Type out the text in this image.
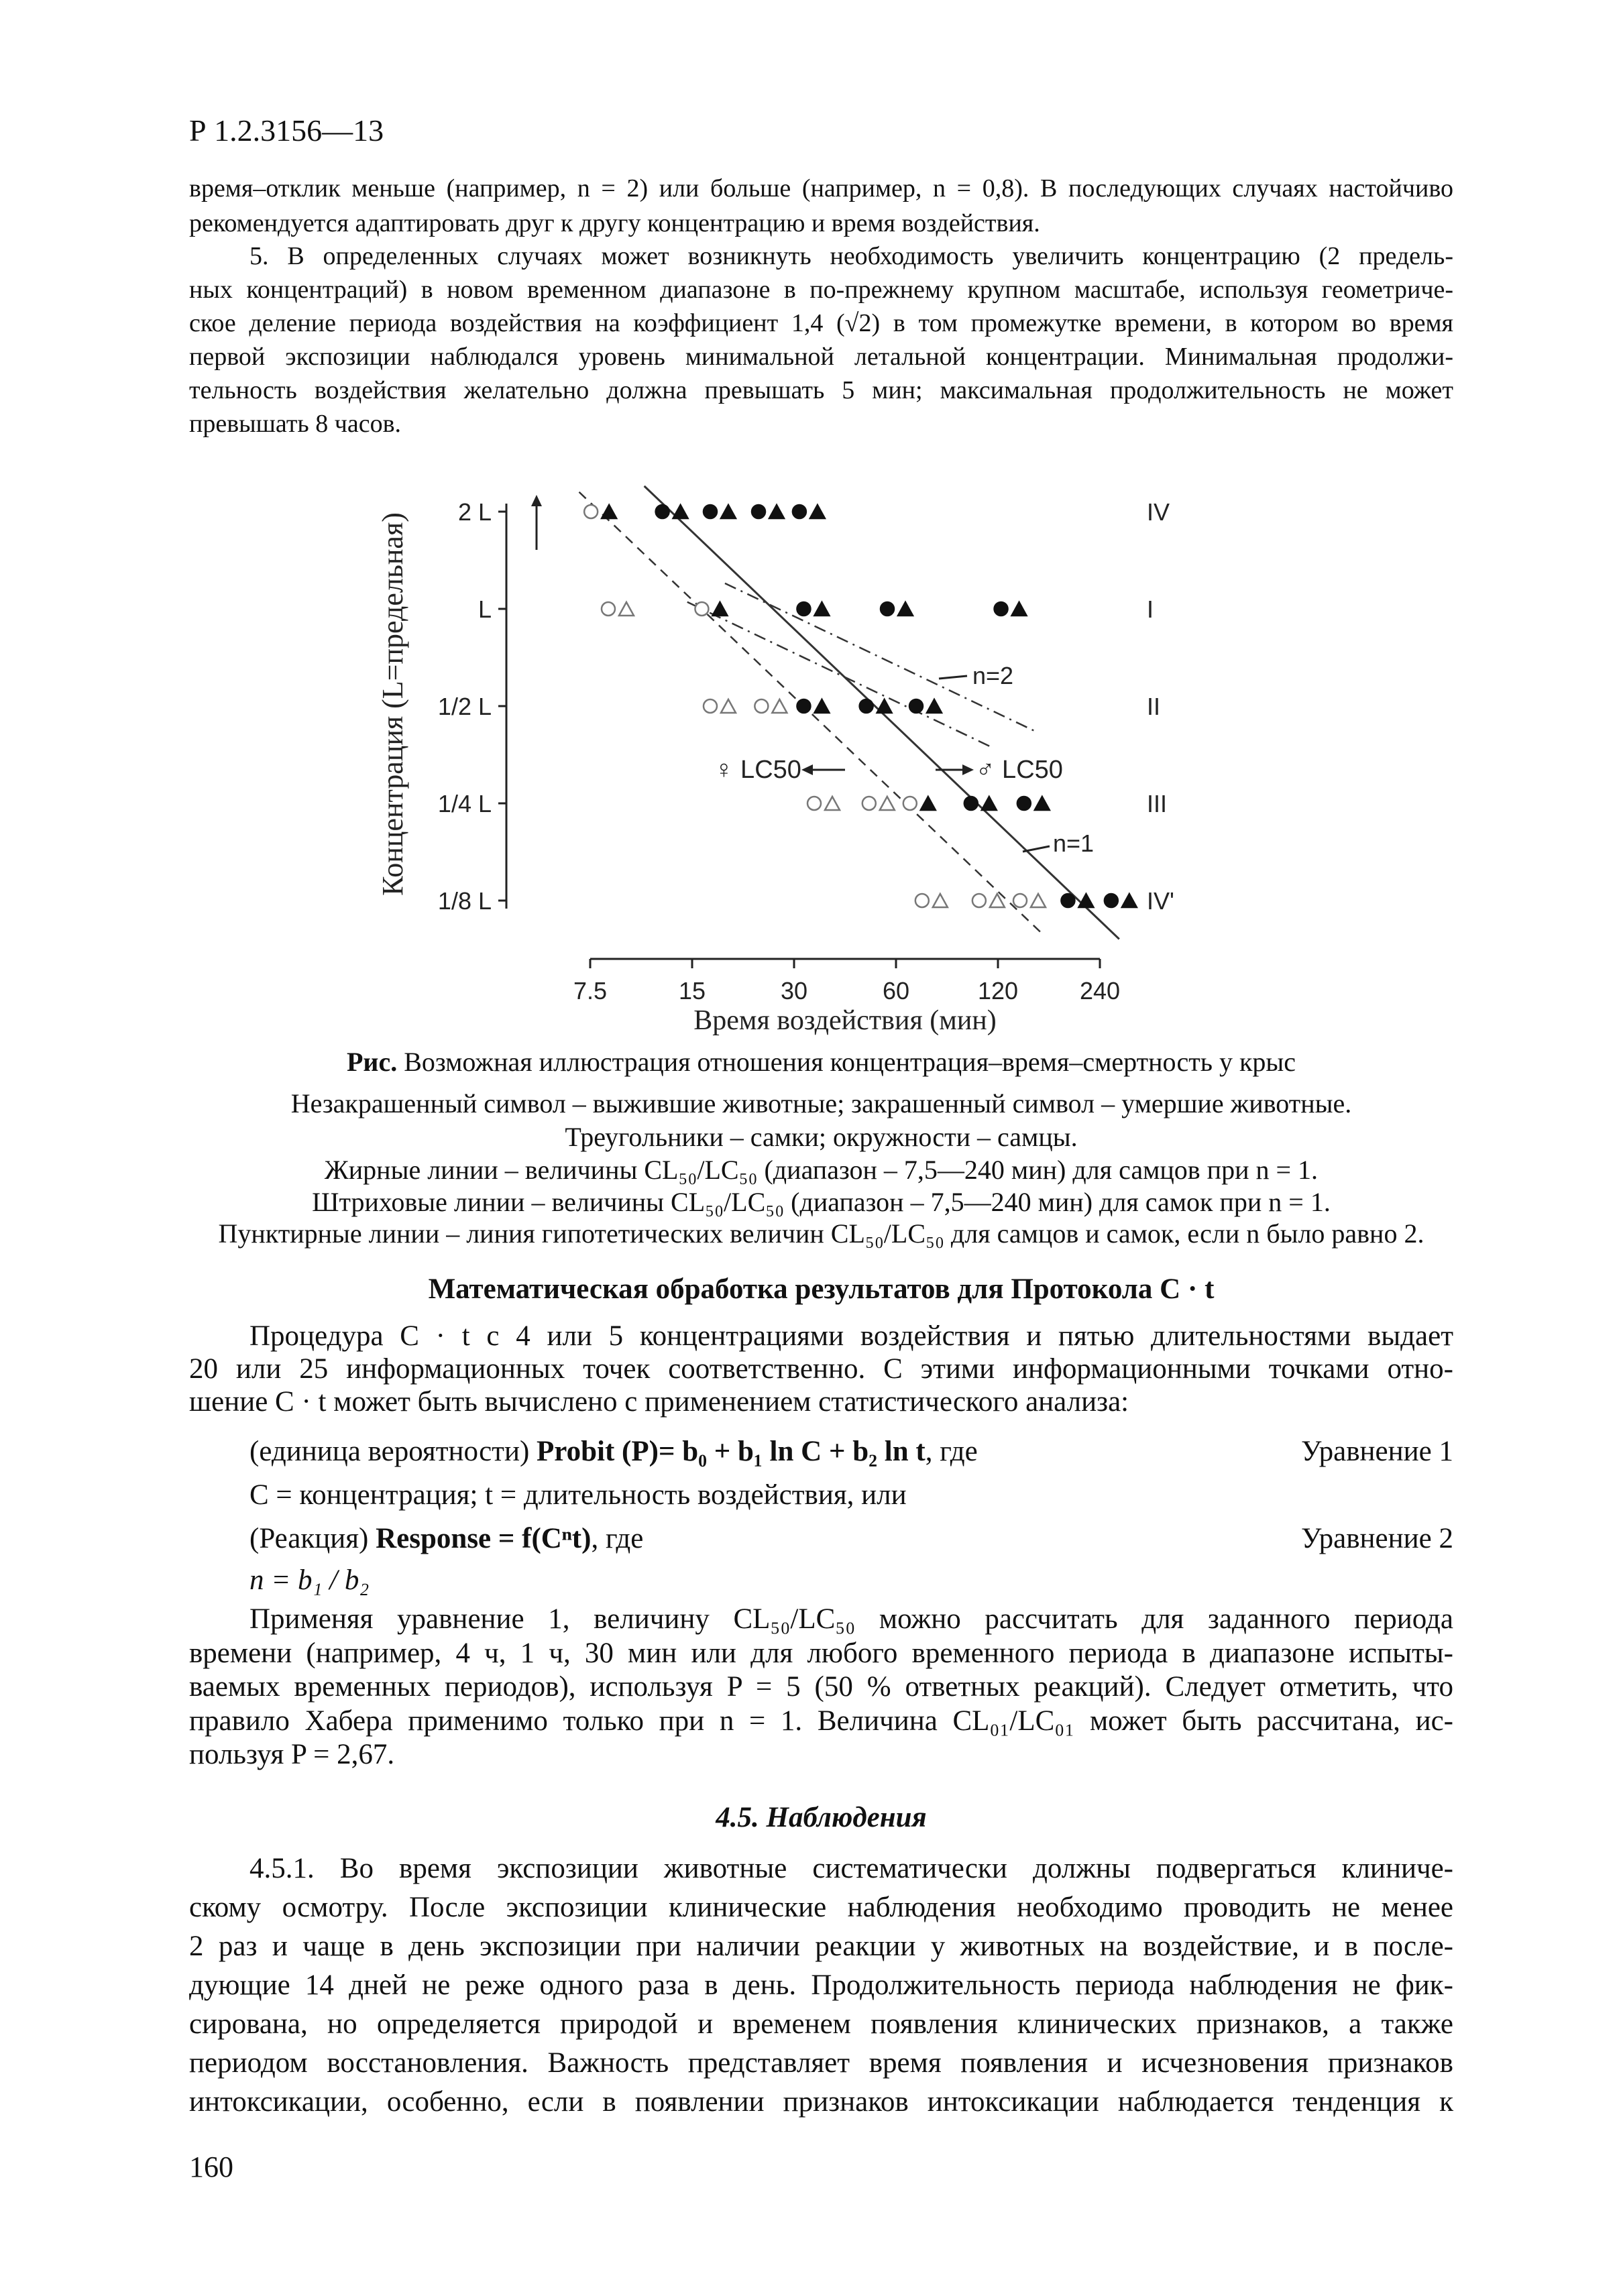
Р 1.2.3156—13
время–отклик меньше (например, n = 2) или больше (например, n = 0,8). В последующих случаях настойчиво
рекомендуется адаптировать друг к другу концентрацию и время воздействия.
5. В определенных случаях может возникнуть необходимость увеличить концентрацию (2 предель-
ных концентраций) в новом временном диапазоне в по-прежнему крупном масштабе, используя геометриче-
ское деление периода воздействия на коэффициент 1,4 (√2) в том промежутке времени, в котором во время
первой экспозиции наблюдался уровень минимальной летальной концентрации. Минимальная продолжи-
тельность воздействия желательно должна превышать 5 мин; максимальная продолжительность не может
превышать 8 часов.
2 L	IV
L	I
1/2 L	II
1/4 L	III
1/8 L	IV'
Концентрация (L=предельная)
7.5	15	30	60	120	240
Время воздействия (мин)
n=2
n=1
♀ LC50	♂ LC50
Рис. Возможная иллюстрация отношения концентрация–время–смертность у крыс
Незакрашенный символ – выжившие животные; закрашенный символ – умершие животные.
Треугольники – самки; окружности – самцы.
Жирные линии – величины CL₅₀/LC₅₀ (диапазон – 7,5—240 мин) для самцов при n = 1.
Штриховые линии – величины CL₅₀/LC₅₀ (диапазон – 7,5—240 мин) для самок при n = 1.
Пунктирные линии – линия гипотетических величин CL₅₀/LC₅₀ для самцов и самок, если n было равно 2.
Математическая обработка результатов для Протокола C · t
Процедура C · t с 4 или 5 концентрациями воздействия и пятью длительностями выдает
20 или 25 информационных точек соответственно. С этими информационными точками отно-
шение C · t может быть вычислено с применением статистического анализа:
(единица вероятности) Probit (P)= b₀ + b₁ ln C + b₂ ln t, где	Уравнение 1
C = концентрация; t = длительность воздействия, или
(Реакция) Response = f(Cⁿt), где	Уравнение 2
n = b₁ / b₂
Применяя уравнение 1, величину CL₅₀/LC₅₀ можно рассчитать для заданного периода
времени (например, 4 ч, 1 ч, 30 мин или для любого временного периода в диапазоне испыты-
ваемых временных периодов), используя P = 5 (50 % ответных реакций). Следует отметить, что
правило Хабера применимо только при n = 1. Величина CL₀₁/LC₀₁ может быть рассчитана, ис-
пользуя P = 2,67.
4.5. Наблюдения
4.5.1. Во время экспозиции животные систематически должны подвергаться клиниче-
скому осмотру. После экспозиции клинические наблюдения необходимо проводить не менее
2 раз и чаще в день экспозиции при наличии реакции у животных на воздействие, и в после-
дующие 14 дней не реже одного раза в день. Продолжительность периода наблюдения не фик-
сирована, но определяется природой и временем появления клинических признаков, а также
периодом восстановления. Важность представляет время появления и исчезновения признаков
интоксикации, особенно, если в появлении признаков интоксикации наблюдается тенденция к
160
